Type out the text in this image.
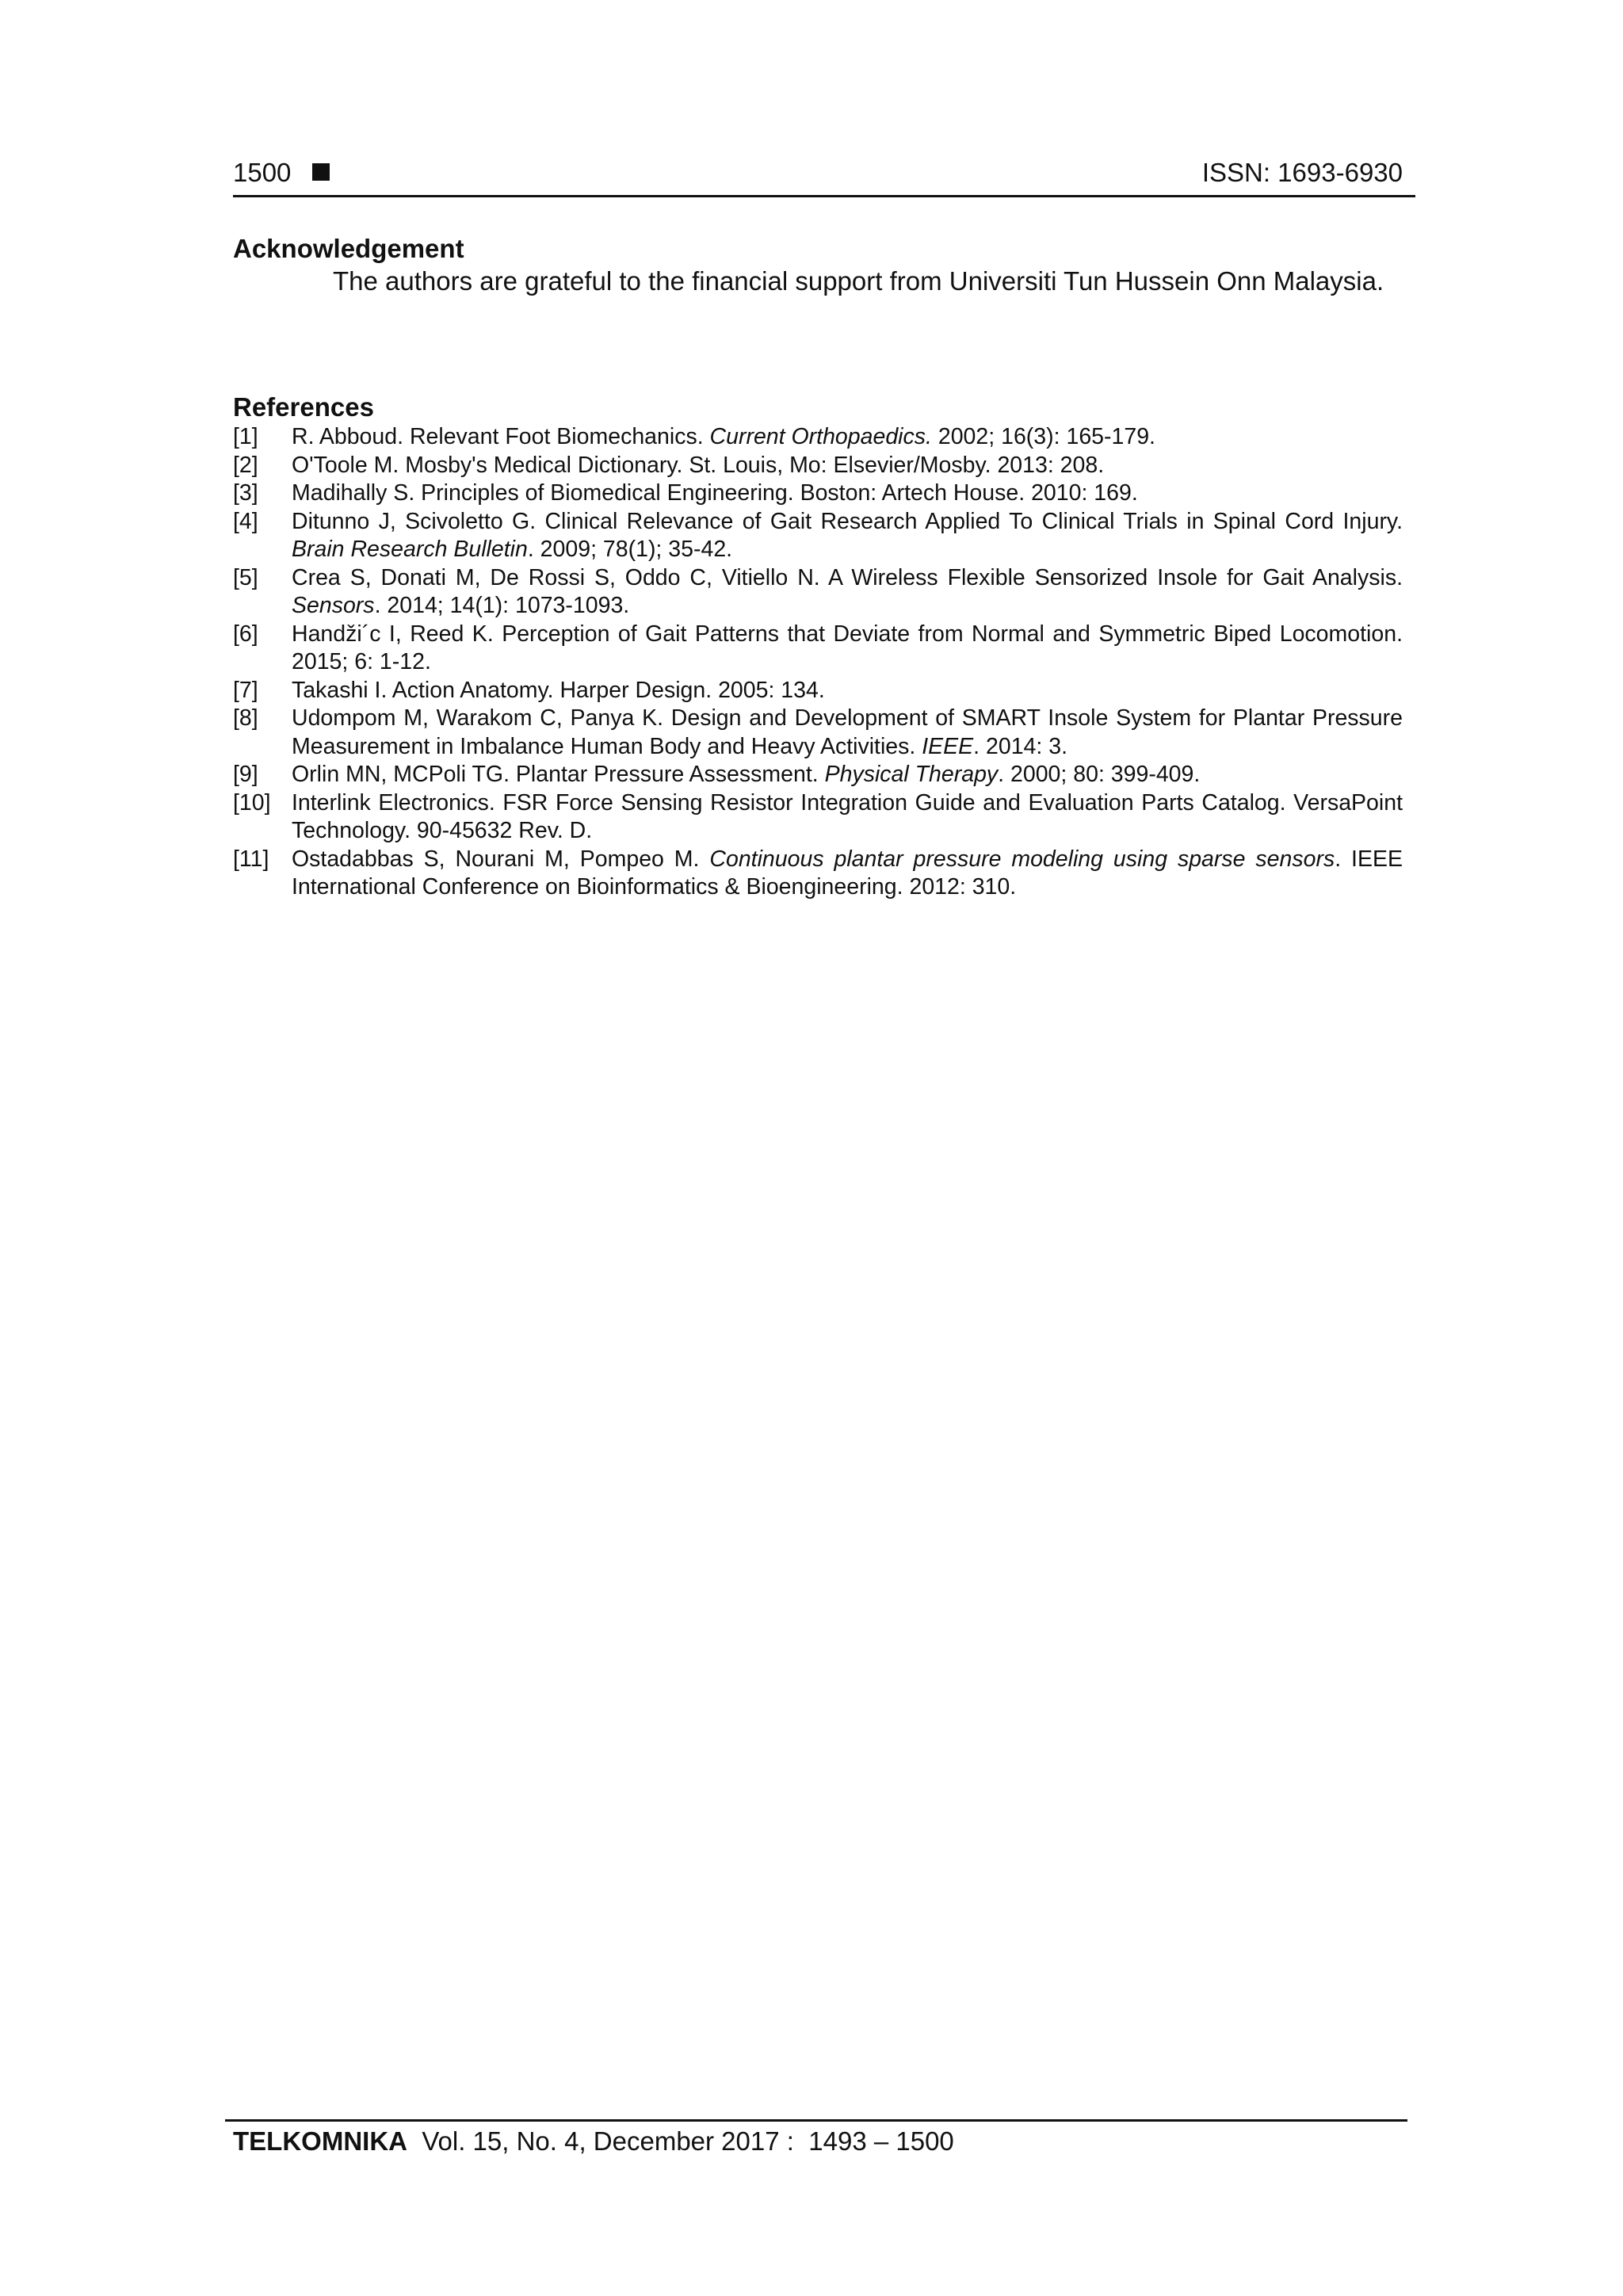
1500	ISSN: 1693-6930
Acknowledgement
The authors are grateful to the financial support from Universiti Tun Hussein Onn Malaysia.
References
[1] R. Abboud. Relevant Foot Biomechanics. Current Orthopaedics. 2002; 16(3): 165-179.
[2] O'Toole M. Mosby's Medical Dictionary. St. Louis, Mo: Elsevier/Mosby. 2013: 208.
[3] Madihally S. Principles of Biomedical Engineering. Boston: Artech House. 2010: 169.
[4] Ditunno J, Scivoletto G. Clinical Relevance of Gait Research Applied To Clinical Trials in Spinal Cord Injury. Brain Research Bulletin. 2009; 78(1); 35-42.
[5] Crea S, Donati M, De Rossi S, Oddo C, Vitiello N. A Wireless Flexible Sensorized Insole for Gait Analysis. Sensors. 2014; 14(1): 1073-1093.
[6] Handži´c I, Reed K. Perception of Gait Patterns that Deviate from Normal and Symmetric Biped Locomotion. 2015; 6: 1-12.
[7] Takashi I. Action Anatomy. Harper Design. 2005: 134.
[8] Udompom M, Warakom C, Panya K. Design and Development of SMART Insole System for Plantar Pressure Measurement in Imbalance Human Body and Heavy Activities. IEEE. 2014: 3.
[9] Orlin MN, MCPoli TG. Plantar Pressure Assessment. Physical Therapy. 2000; 80: 399-409.
[10] Interlink Electronics. FSR Force Sensing Resistor Integration Guide and Evaluation Parts Catalog. VersaPoint Technology. 90-45632 Rev. D.
[11] Ostadabbas S, Nourani M, Pompeo M. Continuous plantar pressure modeling using sparse sensors. IEEE International Conference on Bioinformatics & Bioengineering. 2012: 310.
TELKOMNIKA  Vol. 15, No. 4, December 2017 :  1493 – 1500
